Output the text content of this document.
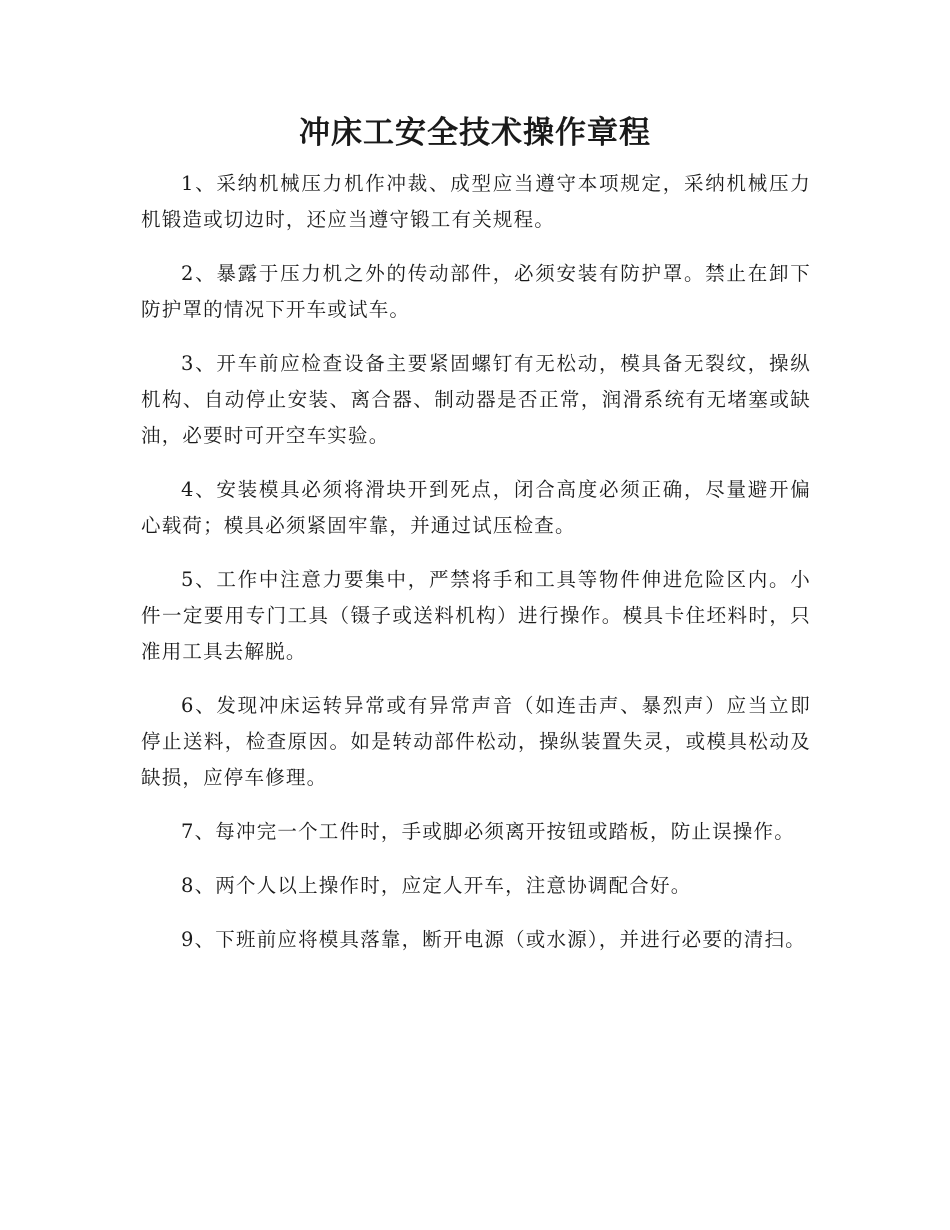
冲床工安全技术操作章程

1、采纳机械压力机作冲裁、成型应当遵守本项规定，采纳机械压力机锻造或切边时，还应当遵守锻工有关规程。

2、暴露于压力机之外的传动部件，必须安装有防护罩。禁止在卸下防护罩的情况下开车或试车。

3、开车前应检查设备主要紧固螺钉有无松动，模具备无裂纹，操纵机构、自动停止安装、离合器、制动器是否正常，润滑系统有无堵塞或缺油，必要时可开空车实验。

4、安装模具必须将滑块开到死点，闭合高度必须正确，尽量避开偏心载荷；模具必须紧固牢靠，并通过试压检查。

5、工作中注意力要集中，严禁将手和工具等物件伸进危险区内。小件一定要用专门工具（镊子或送料机构）进行操作。模具卡住坯料时，只准用工具去解脱。

6、发现冲床运转异常或有异常声音（如连击声、暴烈声）应当立即停止送料，检查原因。如是转动部件松动，操纵装置失灵，或模具松动及缺损，应停车修理。

7、每冲完一个工件时，手或脚必须离开按钮或踏板，防止误操作。

8、两个人以上操作时，应定人开车，注意协调配合好。

9、下班前应将模具落靠，断开电源（或水源），并进行必要的清扫。
